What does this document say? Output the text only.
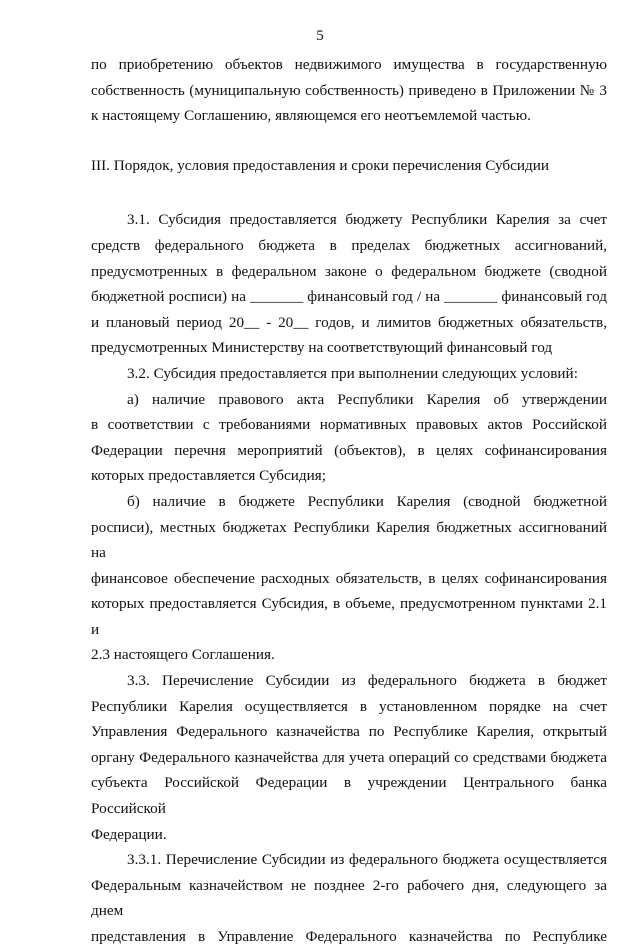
5
по приобретению объектов недвижимого имущества в государственную
собственность (муниципальную собственность) приведено в Приложении № 3
к настоящему Соглашению, являющемся его неотъемлемой частью.
III. Порядок, условия предоставления и сроки перечисления Субсидии
3.1. Субсидия предоставляется бюджету Республики Карелия за счет
средств федерального бюджета в пределах бюджетных ассигнований,
предусмотренных в федеральном законе о федеральном бюджете (сводной
бюджетной росписи) на _______ финансовый год / на _______ финансовый год
и плановый период 20__ - 20__ годов, и лимитов бюджетных обязательств,
предусмотренных Министерству на соответствующий финансовый год
3.2. Субсидия предоставляется при выполнении следующих условий:
а) наличие правового акта Республики Карелия об утверждении
в соответствии с требованиями нормативных правовых актов Российской
Федерации перечня мероприятий (объектов), в целях софинансирования
которых предоставляется Субсидия;
б) наличие в бюджете Республики Карелия (сводной бюджетной
росписи), местных бюджетах Республики Карелия бюджетных ассигнований на
финансовое обеспечение расходных обязательств, в целях софинансирования
которых предоставляется Субсидия, в объеме, предусмотренном пунктами 2.1 и
2.3 настоящего Соглашения.
3.3. Перечисление Субсидии из федерального бюджета в бюджет
Республики Карелия осуществляется в установленном порядке на счет
Управления Федерального казначейства по Республике Карелия, открытый
органу Федерального казначейства для учета операций со средствами бюджета
субъекта Российской Федерации в учреждении Центрального банка Российской
Федерации.
3.3.1. Перечисление Субсидии из федерального бюджета осуществляется
Федеральным казначейством не позднее 2-го рабочего дня, следующего за днем
представления в Управление Федерального казначейства по Республике
